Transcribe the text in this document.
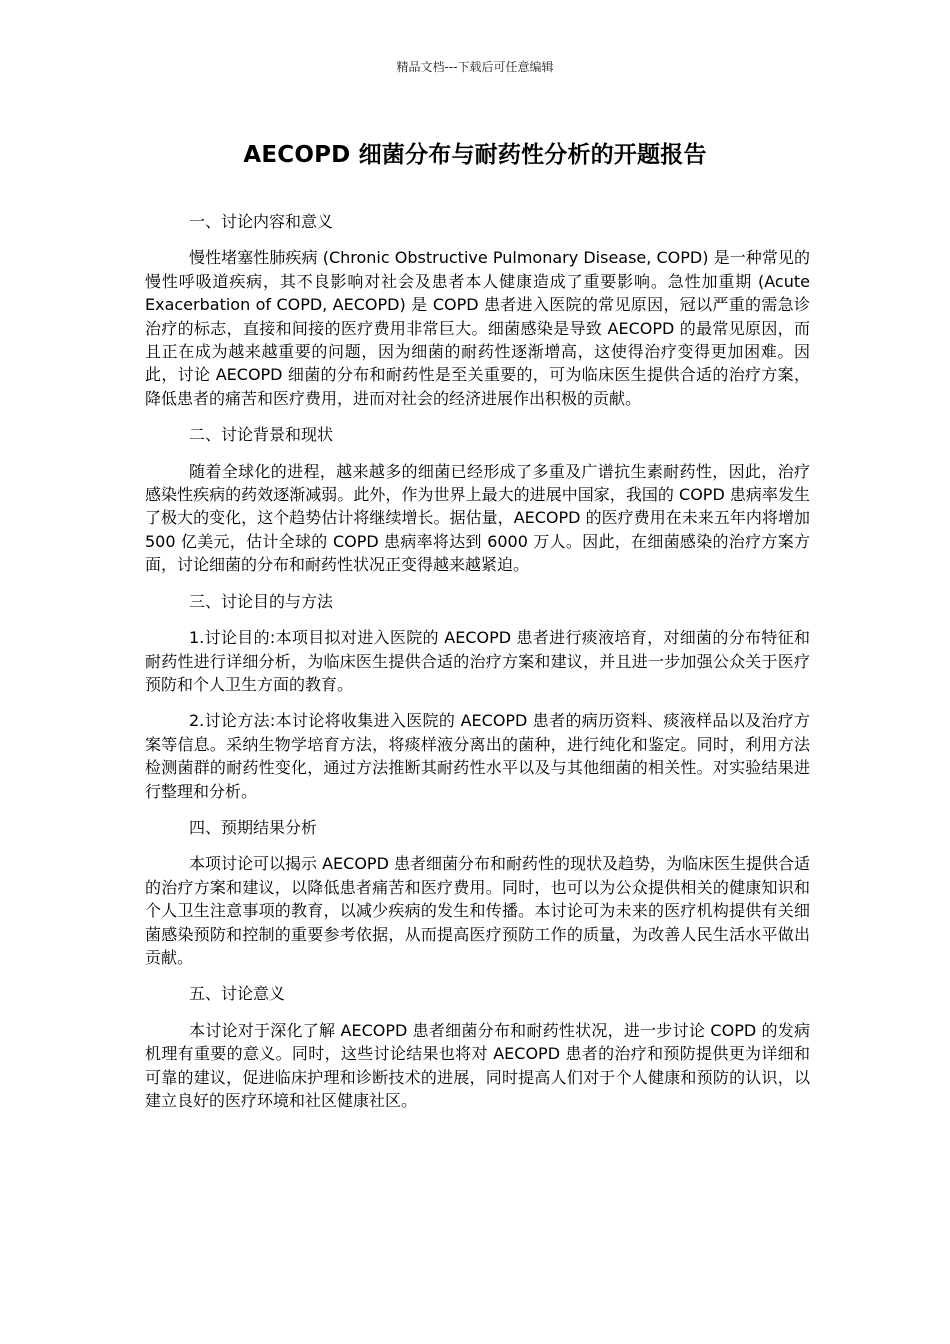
精品文档---下载后可任意编辑
AECOPD 细菌分布与耐药性分析的开题报告

一、讨论内容和意义

慢性堵塞性肺疾病 (Chronic Obstructive Pulmonary Disease, COPD) 是一种常见的慢性呼吸道疾病，其不良影响对社会及患者本人健康造成了重要影响。急性加重期 (Acute Exacerbation of COPD, AECOPD) 是 COPD 患者进入医院的常见原因，冠以严重的需急诊治疗的标志，直接和间接的医疗费用非常巨大。细菌感染是导致 AECOPD 的最常见原因，而且正在成为越来越重要的问题，因为细菌的耐药性逐渐增高，这使得治疗变得更加困难。因此，讨论 AECOPD 细菌的分布和耐药性是至关重要的，可为临床医生提供合适的治疗方案，降低患者的痛苦和医疗费用，进而对社会的经济进展作出积极的贡献。

二、讨论背景和现状

随着全球化的进程，越来越多的细菌已经形成了多重及广谱抗生素耐药性，因此，治疗感染性疾病的药效逐渐减弱。此外，作为世界上最大的进展中国家，我国的 COPD 患病率发生了极大的变化，这个趋势估计将继续增长。据估量，AECOPD 的医疗费用在未来五年内将增加 500 亿美元，估计全球的 COPD 患病率将达到 6000 万人。因此，在细菌感染的治疗方案方面，讨论细菌的分布和耐药性状况正变得越来越紧迫。

三、讨论目的与方法

1.讨论目的:本项目拟对进入医院的 AECOPD 患者进行痰液培育，对细菌的分布特征和耐药性进行详细分析，为临床医生提供合适的治疗方案和建议，并且进一步加强公众关于医疗预防和个人卫生方面的教育。

2.讨论方法:本讨论将收集进入医院的 AECOPD 患者的病历资料、痰液样品以及治疗方案等信息。采纳生物学培育方法，将痰样液分离出的菌种，进行纯化和鉴定。同时，利用方法检测菌群的耐药性变化，通过方法推断其耐药性水平以及与其他细菌的相关性。对实验结果进行整理和分析。

四、预期结果分析

本项讨论可以揭示 AECOPD 患者细菌分布和耐药性的现状及趋势，为临床医生提供合适的治疗方案和建议，以降低患者痛苦和医疗费用。同时，也可以为公众提供相关的健康知识和个人卫生注意事项的教育，以减少疾病的发生和传播。本讨论可为未来的医疗机构提供有关细菌感染预防和控制的重要参考依据，从而提高医疗预防工作的质量，为改善人民生活水平做出贡献。

五、讨论意义

本讨论对于深化了解 AECOPD 患者细菌分布和耐药性状况，进一步讨论 COPD 的发病机理有重要的意义。同时，这些讨论结果也将对 AECOPD 患者的治疗和预防提供更为详细和可靠的建议，促进临床护理和诊断技术的进展，同时提高人们对于个人健康和预防的认识，以建立良好的医疗环境和社区健康社区。
